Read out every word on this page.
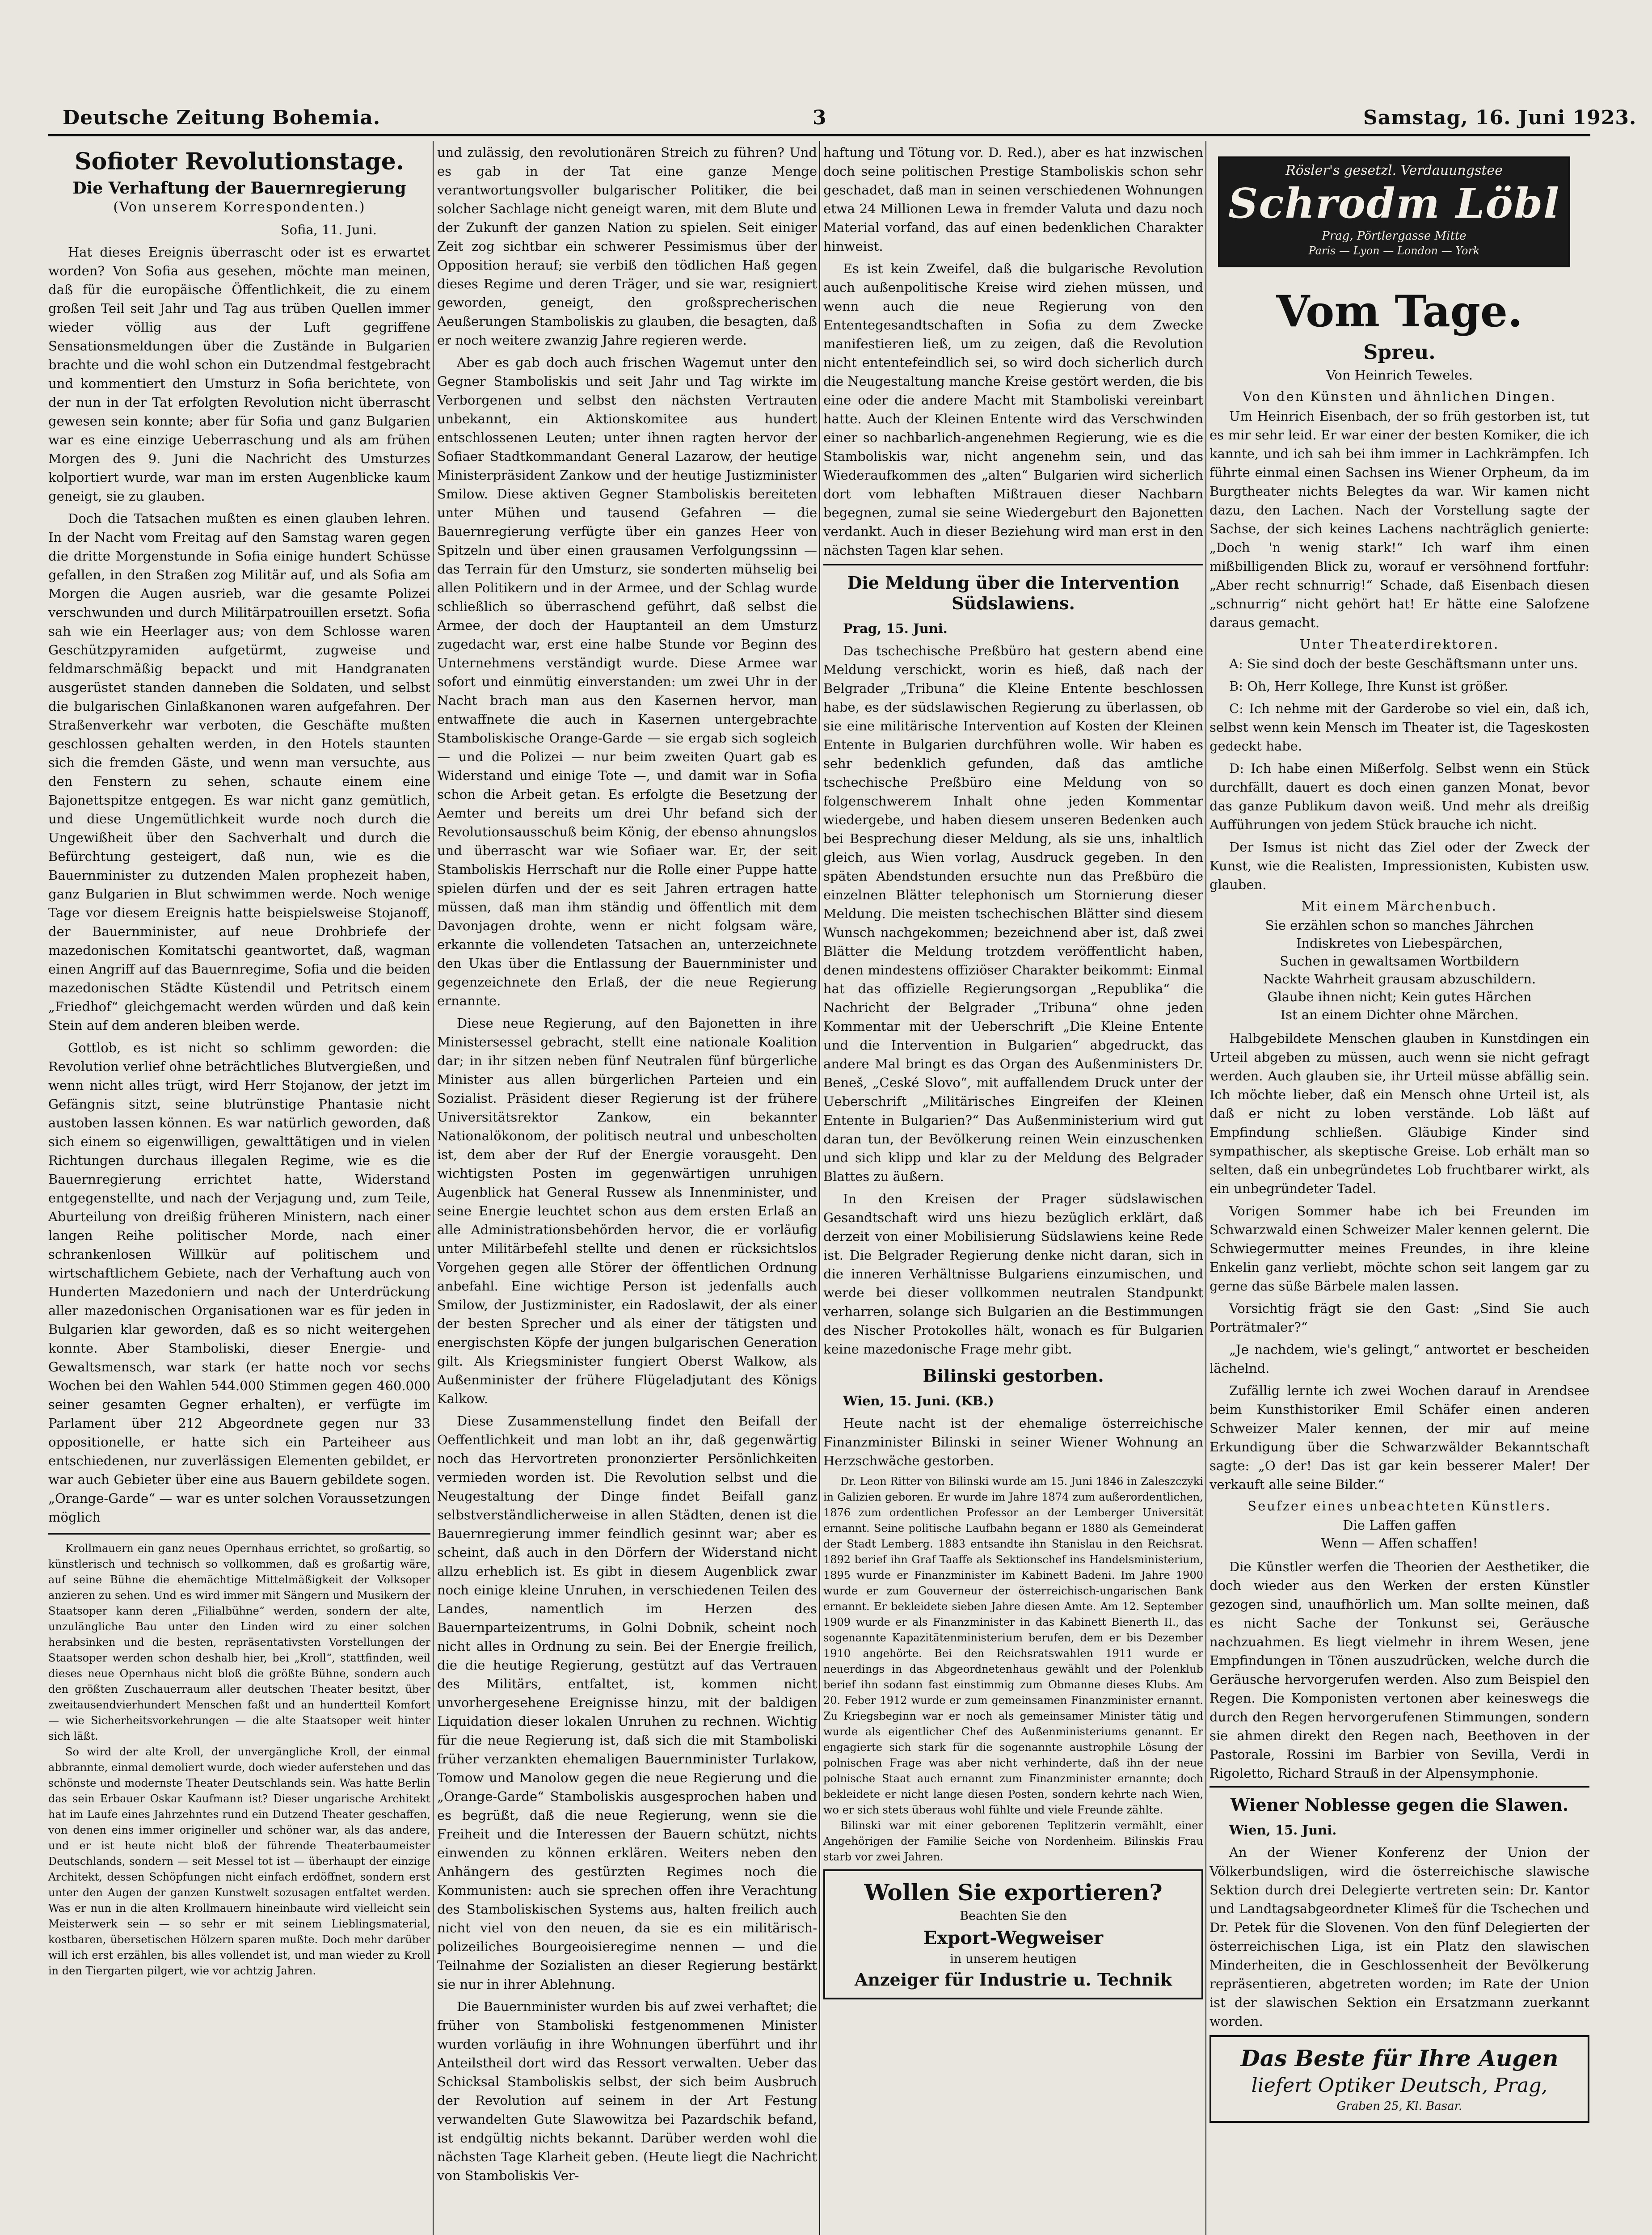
Deutsche Zeitung Bohemia.	3	Samstag, 16. Juni 1923.
Sofioter Revolutionstage.
Die Verhaftung der Bauernregierung
(Von unserem Korrespondenten.)
Sofia, 11. Juni.

Hat dieses Ereignis überrascht oder ist es erwartet worden? Von Sofia aus gesehen, möchte man meinen, daß für die europäische Öffentlichkeit, die zu einem großen Teil seit Jahr und Tag aus trüben Quellen immer wieder völlig aus der Luft gegriffene Sensationsmeldungen über die Zustände in Bulgarien brachte und die wohl schon ein Dutzendmal festgebracht und kommentiert den Umsturz in Sofia berichtete, von der nun in der Tat erfolgten Revolution nicht überrascht gewesen sein konnte; aber für Sofia und ganz Bulgarien war es eine einzige Ueberraschung und als am frühen Morgen des 9. Juni die Nachricht des Umsturzes kolportiert wurde, war man im ersten Augenblicke kaum geneigt, sie zu glauben.

Doch die Tatsachen mußten es einen glauben lehren. In der Nacht vom Freitag auf den Samstag waren gegen die dritte Morgenstunde in Sofia einige hundert Schüsse gefallen, in den Straßen zog Militär auf, und als Sofia am Morgen die Augen ausrieb, war die gesamte Polizei verschwunden und durch Militärpatrouillen ersetzt. Sofia sah wie ein Heerlager aus; von dem Schlosse waren Geschützpyramiden aufgetürmt, zugweise und feldmarschmäßig bepackt und mit Handgranaten ausgerüstet standen danneben die Soldaten, und selbst die bulgarischen Ginlaßkanonen waren aufgefahren. Der Straßenverkehr war verboten, die Geschäfte mußten geschlossen gehalten werden, in den Hotels staunten sich die fremden Gäste, und wenn man versuchte, aus den Fenstern zu sehen, schaute einem eine Bajonettspitze entgegen. Es war nicht ganz gemütlich, und diese Ungemütlichkeit wurde noch durch die Ungewißheit über den Sachverhalt und durch die Befürchtung gesteigert, daß nun, wie es die Bauernminister zu dutzenden Malen prophezeit haben, ganz Bulgarien in Blut schwimmen werde. Noch wenige Tage vor diesem Ereignis hatte beispielsweise Stojanoff, der Bauernminister, auf neue Drohbriefe der mazedonischen Komitatschi geantwortet, daß, wagman einen Angriff auf das Bauernregime, Sofia und die beiden mazedonischen Städte Küstendil und Petritsch einem „Friedhof“ gleichgemacht werden würden und daß kein Stein auf dem anderen bleiben werde.

Gottlob, es ist nicht so schlimm geworden: die Revolution verlief ohne beträchtliches Blutvergießen, und wenn nicht alles trügt, wird Herr Stojanow, der jetzt im Gefängnis sitzt, seine blutrünstige Phantasie nicht austoben lassen können. Es war natürlich geworden, daß sich einem so eigenwilligen, gewalttätigen und in vielen Richtungen durchaus illegalen Regime, wie es die Bauernregierung errichtet hatte, Widerstand entgegenstellte, und nach der Verjagung und, zum Teile, Aburteilung von dreißig früheren Ministern, nach einer langen Reihe politischer Morde, nach einer schrankenlosen Willkür auf politischem und wirtschaftlichem Gebiete, nach der Verhaftung auch von Hunderten Mazedoniern und nach der Unterdrückung aller mazedonischen Organisationen war es für jeden in Bulgarien klar geworden, daß es so nicht weitergehen konnte. Aber Stamboliski, dieser Energie- und Gewaltsmensch, war stark (er hatte noch vor sechs Wochen bei den Wahlen 544.000 Stimmen gegen 460.000 seiner gesamten Gegner erhalten), er verfügte im Parlament über 212 Abgeordnete gegen nur 33 oppositionelle, er hatte sich ein Parteiheer aus entschiedenen, nur zuverlässigen Elementen gebildet, er war auch Gebieter über eine aus Bauern gebildete sogen. „Orange-Garde“ — war es unter solchen Voraussetzungen möglich

Krollmauern ein ganz neues Opernhaus errichtet, so großartig, so künstlerisch und technisch so vollkommen, daß es großartig wäre, auf seine Bühne die ehemächtige Mittelmäßigkeit der Volksoper anzieren zu sehen. Und es wird immer mit Sängern und Musikern der Staatsoper kann deren „Filialbühne“ werden, sondern der alte, unzulängliche Bau unter den Linden wird zu einer solchen herabsinken und die besten, repräsentativsten Vorstellungen der Staatsoper werden schon deshalb hier, bei „Kroll“, stattfinden, weil dieses neue Opernhaus nicht bloß die größte Bühne, sondern auch den größten Zuschauerraum aller deutschen Theater besitzt, über zweitausendvierhundert Menschen faßt und an hundertteil Komfort — wie Sicherheitsvorkehrungen — die alte Staatsoper weit hinter sich läßt.

So wird der alte Kroll, der unvergängliche Kroll, der einmal abbrannte, einmal demoliert wurde, doch wieder auferstehen und das schönste und modernste Theater Deutschlands sein. Was hatte Berlin das sein Erbauer Oskar Kaufmann ist? Dieser ungarische Architekt hat im Laufe eines Jahrzehntes rund ein Dutzend Theater geschaffen, von denen eins immer origineller und schöner war, als das andere, und er ist heute nicht bloß der führende Theaterbaumeister Deutschlands, sondern — seit Messel tot ist — überhaupt der einzige Architekt, dessen Schöpfungen nicht einfach erdöffnet, sondern erst unter den Augen der ganzen Kunstwelt sozusagen entfaltet werden. Was er nun in die alten Krollmauern hineinbaute wird vielleicht sein Meisterwerk sein — so sehr er mit seinem Lieblingsmaterial, kostbaren, übersetischen Hölzern sparen mußte. Doch mehr darüber will ich erst erzählen, bis alles vollendet ist, und man wieder zu Kroll in den Tiergarten pilgert, wie vor achtzig Jahren.

und zulässig, den revolutionären Streich zu führen? Und es gab in der Tat eine ganze Menge verantwortungsvoller bulgarischer Politiker, die bei solcher Sachlage nicht geneigt waren, mit dem Blute und der Zukunft der ganzen Nation zu spielen. Seit einiger Zeit zog sichtbar ein schwerer Pessimismus über der Opposition herauf; sie verbiß den tödlichen Haß gegen dieses Regime und deren Träger, und sie war, resigniert geworden, geneigt, den großsprecherischen Aeußerungen Stamboliskis zu glauben, die besagten, daß er noch weitere zwanzig Jahre regieren werde.

Aber es gab doch auch frischen Wagemut unter den Gegner Stamboliskis und seit Jahr und Tag wirkte im Verborgenen und selbst den nächsten Vertrauten unbekannt, ein Aktionskomitee aus hundert entschlossenen Leuten; unter ihnen ragten hervor der Sofiaer Stadtkommandant General Lazarow, der heutige Ministerpräsident Zankow und der heutige Justizminister Smilow. Diese aktiven Gegner Stamboliskis bereiteten unter Mühen und tausend Gefahren — die Bauernregierung verfügte über ein ganzes Heer von Spitzeln und über einen grausamen Verfolgungssinn — das Terrain für den Umsturz, sie sonderten mühselig bei allen Politikern und in der Armee, und der Schlag wurde schließlich so überraschend geführt, daß selbst die Armee, der doch der Hauptanteil an dem Umsturz zugedacht war, erst eine halbe Stunde vor Beginn des Unternehmens verständigt wurde. Diese Armee war sofort und einmütig einverstanden: um zwei Uhr in der Nacht brach man aus den Kasernen hervor, man entwaffnete die auch in Kasernen untergebrachte Stamboliskische Orange-Garde — sie ergab sich sogleich — und die Polizei — nur beim zweiten Quart gab es Widerstand und einige Tote —, und damit war in Sofia schon die Arbeit getan. Es erfolgte die Besetzung der Aemter und bereits um drei Uhr befand sich der Revolutionsausschuß beim König, der ebenso ahnungslos und überrascht war wie Sofiaer war. Er, der seit Stamboliskis Herrschaft nur die Rolle einer Puppe hatte spielen dürfen und der es seit Jahren ertragen hatte müssen, daß man ihm ständig und öffentlich mit dem Davonjagen drohte, wenn er nicht folgsam wäre, erkannte die vollendeten Tatsachen an, unterzeichnete den Ukas über die Entlassung der Bauernminister und gegenzeichnete den Erlaß, der die neue Regierung ernannte.

Diese neue Regierung, auf den Bajonetten in ihre Ministersessel gebracht, stellt eine nationale Koalition dar; in ihr sitzen neben fünf Neutralen fünf bürgerliche Minister aus allen bürgerlichen Parteien und ein Sozialist. Präsident dieser Regierung ist der frühere Universitätsrektor Zankow, ein bekannter Nationalökonom, der politisch neutral und unbescholten ist, dem aber der Ruf der Energie vorausgeht. Den wichtigsten Posten im gegenwärtigen unruhigen Augenblick hat General Russew als Innenminister, und seine Energie leuchtet schon aus dem ersten Erlaß an alle Administrationsbehörden hervor, die er vorläufig unter Militärbefehl stellte und denen er rücksichtslos Vorgehen gegen alle Störer der öffentlichen Ordnung anbefahl. Eine wichtige Person ist jedenfalls auch Smilow, der Justizminister, ein Radoslawit, der als einer der besten Sprecher und als einer der tätigsten und energischsten Köpfe der jungen bulgarischen Generation gilt. Als Kriegsminister fungiert Oberst Walkow, als Außenminister der frühere Flügeladjutant des Königs Kalkow.

Diese Zusammenstellung findet den Beifall der Oeffentlichkeit und man lobt an ihr, daß gegenwärtig noch das Hervortreten prononzierter Persönlichkeiten vermieden worden ist. Die Revolution selbst und die Neugestaltung der Dinge findet Beifall ganz selbstverständlicherweise in allen Städten, denen ist die Bauernregierung immer feindlich gesinnt war; aber es scheint, daß auch in den Dörfern der Widerstand nicht allzu erheblich ist. Es gibt in diesem Augenblick zwar noch einige kleine Unruhen, in verschiedenen Teilen des Landes, namentlich im Herzen des Bauernparteizentrums, in Golni Dobnik, scheint noch nicht alles in Ordnung zu sein. Bei der Energie freilich, die die heutige Regierung, gestützt auf das Vertrauen des Militärs, entfaltet, ist, kommen nicht unvorhergesehene Ereignisse hinzu, mit der baldigen Liquidation dieser lokalen Unruhen zu rechnen. Wichtig für die neue Regierung ist, daß sich die mit Stamboliski früher verzankten ehemaligen Bauernminister Turlakow, Tomow und Manolow gegen die neue Regierung und die „Orange-Garde“ Stamboliskis ausgesprochen haben und es begrüßt, daß die neue Regierung, wenn sie die Freiheit und die Interessen der Bauern schützt, nichts einwenden zu können erklären. Weiters neben den Anhängern des gestürzten Regimes noch die Kommunisten: auch sie sprechen offen ihre Verachtung des Stamboliskischen Systems aus, halten freilich auch nicht viel von den neuen, da sie es ein militärisch-polizeiliches Bourgeoisieregime nennen — und die Teilnahme der Sozialisten an dieser Regierung bestärkt sie nur in ihrer Ablehnung.

Die Bauernminister wurden bis auf zwei verhaftet; die früher von Stamboliski festgenommenen Minister wurden vorläufig in ihre Wohnungen überführt und ihr Anteilstheil dort wird das Ressort verwalten. Ueber das Schicksal Stamboliskis selbst, der sich beim Ausbruch der Revolution auf seinem in der Art Festung verwandelten Gute Slawowitza bei Pazardschik befand, ist endgültig nichts bekannt. Darüber werden wohl die nächsten Tage Klarheit geben. (Heute liegt die Nachricht von Stamboliskis Ver-

haftung und Tötung vor. D. Red.), aber es hat inzwischen doch seine politischen Prestige Stamboliskis schon sehr geschadet, daß man in seinen verschiedenen Wohnungen etwa 24 Millionen Lewa in fremder Valuta und dazu noch Material vorfand, das auf einen bedenklichen Charakter hinweist.

Es ist kein Zweifel, daß die bulgarische Revolution auch außenpolitische Kreise wird ziehen müssen, und wenn auch die neue Regierung von den Ententegesandtschaften in Sofia zu dem Zwecke manifestieren ließ, um zu zeigen, daß die Revolution nicht ententefeindlich sei, so wird doch sicherlich durch die Neugestaltung manche Kreise gestört werden, die bis eine oder die andere Macht mit Stamboliski vereinbart hatte. Auch der Kleinen Entente wird das Verschwinden einer so nachbarlich-angenehmen Regierung, wie es die Stamboliskis war, nicht angenehm sein, und das Wiederaufkommen des „alten“ Bulgarien wird sicherlich dort vom lebhaften Mißtrauen dieser Nachbarn begegnen, zumal sie seine Wiedergeburt den Bajonetten verdankt. Auch in dieser Beziehung wird man erst in den nächsten Tagen klar sehen.

Die Meldung über die Intervention Südslawiens.
Prag, 15. Juni.

Das tschechische Preßbüro hat gestern abend eine Meldung verschickt, worin es hieß, daß nach der Belgrader „Tribuna“ die Kleine Entente beschlossen habe, es der südslawischen Regierung zu überlassen, ob sie eine militärische Intervention auf Kosten der Kleinen Entente in Bulgarien durchführen wolle. Wir haben es sehr bedenklich gefunden, daß das amtliche tschechische Preßbüro eine Meldung von so folgenschwerem Inhalt ohne jeden Kommentar wiedergebe, und haben diesem unseren Bedenken auch bei Besprechung dieser Meldung, als sie uns, inhaltlich gleich, aus Wien vorlag, Ausdruck gegeben. In den späten Abendstunden ersuchte nun das Preßbüro die einzelnen Blätter telephonisch um Stornierung dieser Meldung. Die meisten tschechischen Blätter sind diesem Wunsch nachgekommen; bezeichnend aber ist, daß zwei Blätter die Meldung trotzdem veröffentlicht haben, denen mindestens offiziöser Charakter beikommt: Einmal hat das offizielle Regierungsorgan „Republika“ die Nachricht der Belgrader „Tribuna“ ohne jeden Kommentar mit der Ueberschrift „Die Kleine Entente und die Intervention in Bulgarien“ abgedruckt, das andere Mal bringt es das Organ des Außenministers Dr. Beneš, „Ceské Slovo“, mit auffallendem Druck unter der Ueberschrift „Militärisches Eingreifen der Kleinen Entente in Bulgarien?“ Das Außenministerium wird gut daran tun, der Bevölkerung reinen Wein einzuschenken und sich klipp und klar zu der Meldung des Belgrader Blattes zu äußern.

In den Kreisen der Prager südslawischen Gesandtschaft wird uns hiezu bezüglich erklärt, daß derzeit von einer Mobilisierung Südslawiens keine Rede ist. Die Belgrader Regierung denke nicht daran, sich in die inneren Verhältnisse Bulgariens einzumischen, und werde bei dieser vollkommen neutralen Standpunkt verharren, solange sich Bulgarien an die Bestimmungen des Nischer Protokolles hält, wonach es für Bulgarien keine mazedonische Frage mehr gibt.

Bilinski gestorben.
Wien, 15. Juni. (KB.)

Heute nacht ist der ehemalige österreichische Finanzminister Bilinski in seiner Wiener Wohnung an Herzschwäche gestorben.

Dr. Leon Ritter von Bilinski wurde am 15. Juni 1846 in Zaleszczyki in Galizien geboren. Er wurde im Jahre 1874 zum außerordentlichen, 1876 zum ordentlichen Professor an der Lemberger Universität ernannt. Seine politische Laufbahn begann er 1880 als Gemeinderat der Stadt Lemberg. 1883 entsandte ihn Stanislau in den Reichsrat. 1892 berief ihn Graf Taaffe als Sektionschef ins Handelsministerium, 1895 wurde er Finanzminister im Kabinett Badeni. Im Jahre 1900 wurde er zum Gouverneur der österreichisch-ungarischen Bank ernannt. Er bekleidete sieben Jahre diesen Amte. Am 12. September 1909 wurde er als Finanzminister in das Kabinett Bienerth II., das sogenannte Kapazitätenministerium berufen, dem er bis Dezember 1910 angehörte. Bei den Reichsratswahlen 1911 wurde er neuerdings in das Abgeordnetenhaus gewählt und der Polenklub berief ihn sodann fast einstimmig zum Obmanne dieses Klubs. Am 20. Feber 1912 wurde er zum gemeinsamen Finanzminister ernannt. Zu Kriegsbeginn war er noch als gemeinsamer Minister tätig und wurde als eigentlicher Chef des Außenministeriums genannt. Er engagierte sich stark für die sogenannte austrophile Lösung der polnischen Frage was aber nicht verhinderte, daß ihn der neue polnische Staat auch ernannt zum Finanzminister ernannte; doch bekleidete er nicht lange diesen Posten, sondern kehrte nach Wien, wo er sich stets überaus wohl fühlte und viele Freunde zählte.

Bilinski war mit einer geborenen Teplitzerin vermählt, einer Angehörigen der Familie Seiche von Nordenheim. Bilinskis Frau starb vor zwei Jahren.

Wollen Sie exportieren?
Beachten Sie den
Export-Wegweiser
in unserem heutigen
Anzeiger für Industrie u. Technik
Rösler's gesetzl. Verdauungstee
Schrodm Löbl
Prag, Pörtlergasse Mitte
Paris — Lyon — London — York
Vom Tage.
Spreu.
Von Heinrich Teweles.
Von den Künsten und ähnlichen Dingen.

Um Heinrich Eisenbach, der so früh gestorben ist, tut es mir sehr leid. Er war einer der besten Komiker, die ich kannte, und ich sah bei ihm immer in Lachkrämpfen. Ich führte einmal einen Sachsen ins Wiener Orpheum, da im Burgtheater nichts Belegtes da war. Wir kamen nicht dazu, den Lachen. Nach der Vorstellung sagte der Sachse, der sich keines Lachens nachträglich genierte: „Doch 'n wenig stark!“ Ich warf ihm einen mißbilligenden Blick zu, worauf er versöhnend fortfuhr: „Aber recht schnurrig!“ Schade, daß Eisenbach diesen „schnurrig“ nicht gehört hat! Er hätte eine Salofzene daraus gemacht.

Unter Theaterdirektoren.

A: Sie sind doch der beste Geschäftsmann unter uns.

B: Oh, Herr Kollege, Ihre Kunst ist größer.

C: Ich nehme mit der Garderobe so viel ein, daß ich, selbst wenn kein Mensch im Theater ist, die Tageskosten gedeckt habe.

D: Ich habe einen Mißerfolg. Selbst wenn ein Stück durchfällt, dauert es doch einen ganzen Monat, bevor das ganze Publikum davon weiß. Und mehr als dreißig Aufführungen von jedem Stück brauche ich nicht.

Der Ismus ist nicht das Ziel oder der Zweck der Kunst, wie die Realisten, Impressionisten, Kubisten usw. glauben.

Mit einem Märchenbuch.
Sie erzählen schon so manches Jährchen
Indiskretes von Liebespärchen,
Suchen in gewaltsamen Wortbildern
Nackte Wahrheit grausam abzuschildern.
Glaube ihnen nicht; Kein gutes Härchen
Ist an einem Dichter ohne Märchen.

Halbgebildete Menschen glauben in Kunstdingen ein Urteil abgeben zu müssen, auch wenn sie nicht gefragt werden. Auch glauben sie, ihr Urteil müsse abfällig sein. Ich möchte lieber, daß ein Mensch ohne Urteil ist, als daß er nicht zu loben verstände. Lob läßt auf Empfindung schließen. Gläubige Kinder sind sympathischer, als skeptische Greise. Lob erhält man so selten, daß ein unbegründetes Lob fruchtbarer wirkt, als ein unbegründeter Tadel.

Vorigen Sommer habe ich bei Freunden im Schwarzwald einen Schweizer Maler kennen gelernt. Die Schwiegermutter meines Freundes, in ihre kleine Enkelin ganz verliebt, möchte schon seit langem gar zu gerne das süße Bärbele malen lassen.

Vorsichtig frägt sie den Gast: „Sind Sie auch Porträtmaler?“

„Je nachdem, wie's gelingt,“ antwortet er bescheiden lächelnd.

Zufällig lernte ich zwei Wochen darauf in Arendsee beim Kunsthistoriker Emil Schäfer einen anderen Schweizer Maler kennen, der mir auf meine Erkundigung über die Schwarzwälder Bekanntschaft sagte: „O der! Das ist gar kein besserer Maler! Der verkauft alle seine Bilder.“

Seufzer eines unbeachteten Künstlers.
Die Laffen gaffen
Wenn — Affen schaffen!

Die Künstler werfen die Theorien der Aesthetiker, die doch wieder aus den Werken der ersten Künstler gezogen sind, unaufhörlich um. Man sollte meinen, daß es nicht Sache der Tonkunst sei, Geräusche nachzuahmen. Es liegt vielmehr in ihrem Wesen, jene Empfindungen in Tönen auszudrücken, welche durch die Geräusche hervorgerufen werden. Also zum Beispiel den Regen. Die Komponisten vertonen aber keineswegs die durch den Regen hervorgerufenen Stimmungen, sondern sie ahmen direkt den Regen nach, Beethoven in der Pastorale, Rossini im Barbier von Sevilla, Verdi in Rigoletto, Richard Strauß in der Alpensymphonie.

Wiener Noblesse gegen die Slawen.
Wien, 15. Juni.

An der Wiener Konferenz der Union der Völkerbundsligen, wird die österreichische slawische Sektion durch drei Delegierte vertreten sein: Dr. Kantor und Landtagsabgeordneter Klimeš für die Tschechen und Dr. Petek für die Slovenen. Von den fünf Delegierten der österreichischen Liga, ist ein Platz den slawischen Minderheiten, die in Geschlossenheit der Bevölkerung repräsentieren, abgetreten worden; im Rate der Union ist der slawischen Sektion ein Ersatzmann zuerkannt worden.

Das Beste für Ihre Augen
liefert Optiker Deutsch, Prag,
Graben 25, Kl. Basar.
